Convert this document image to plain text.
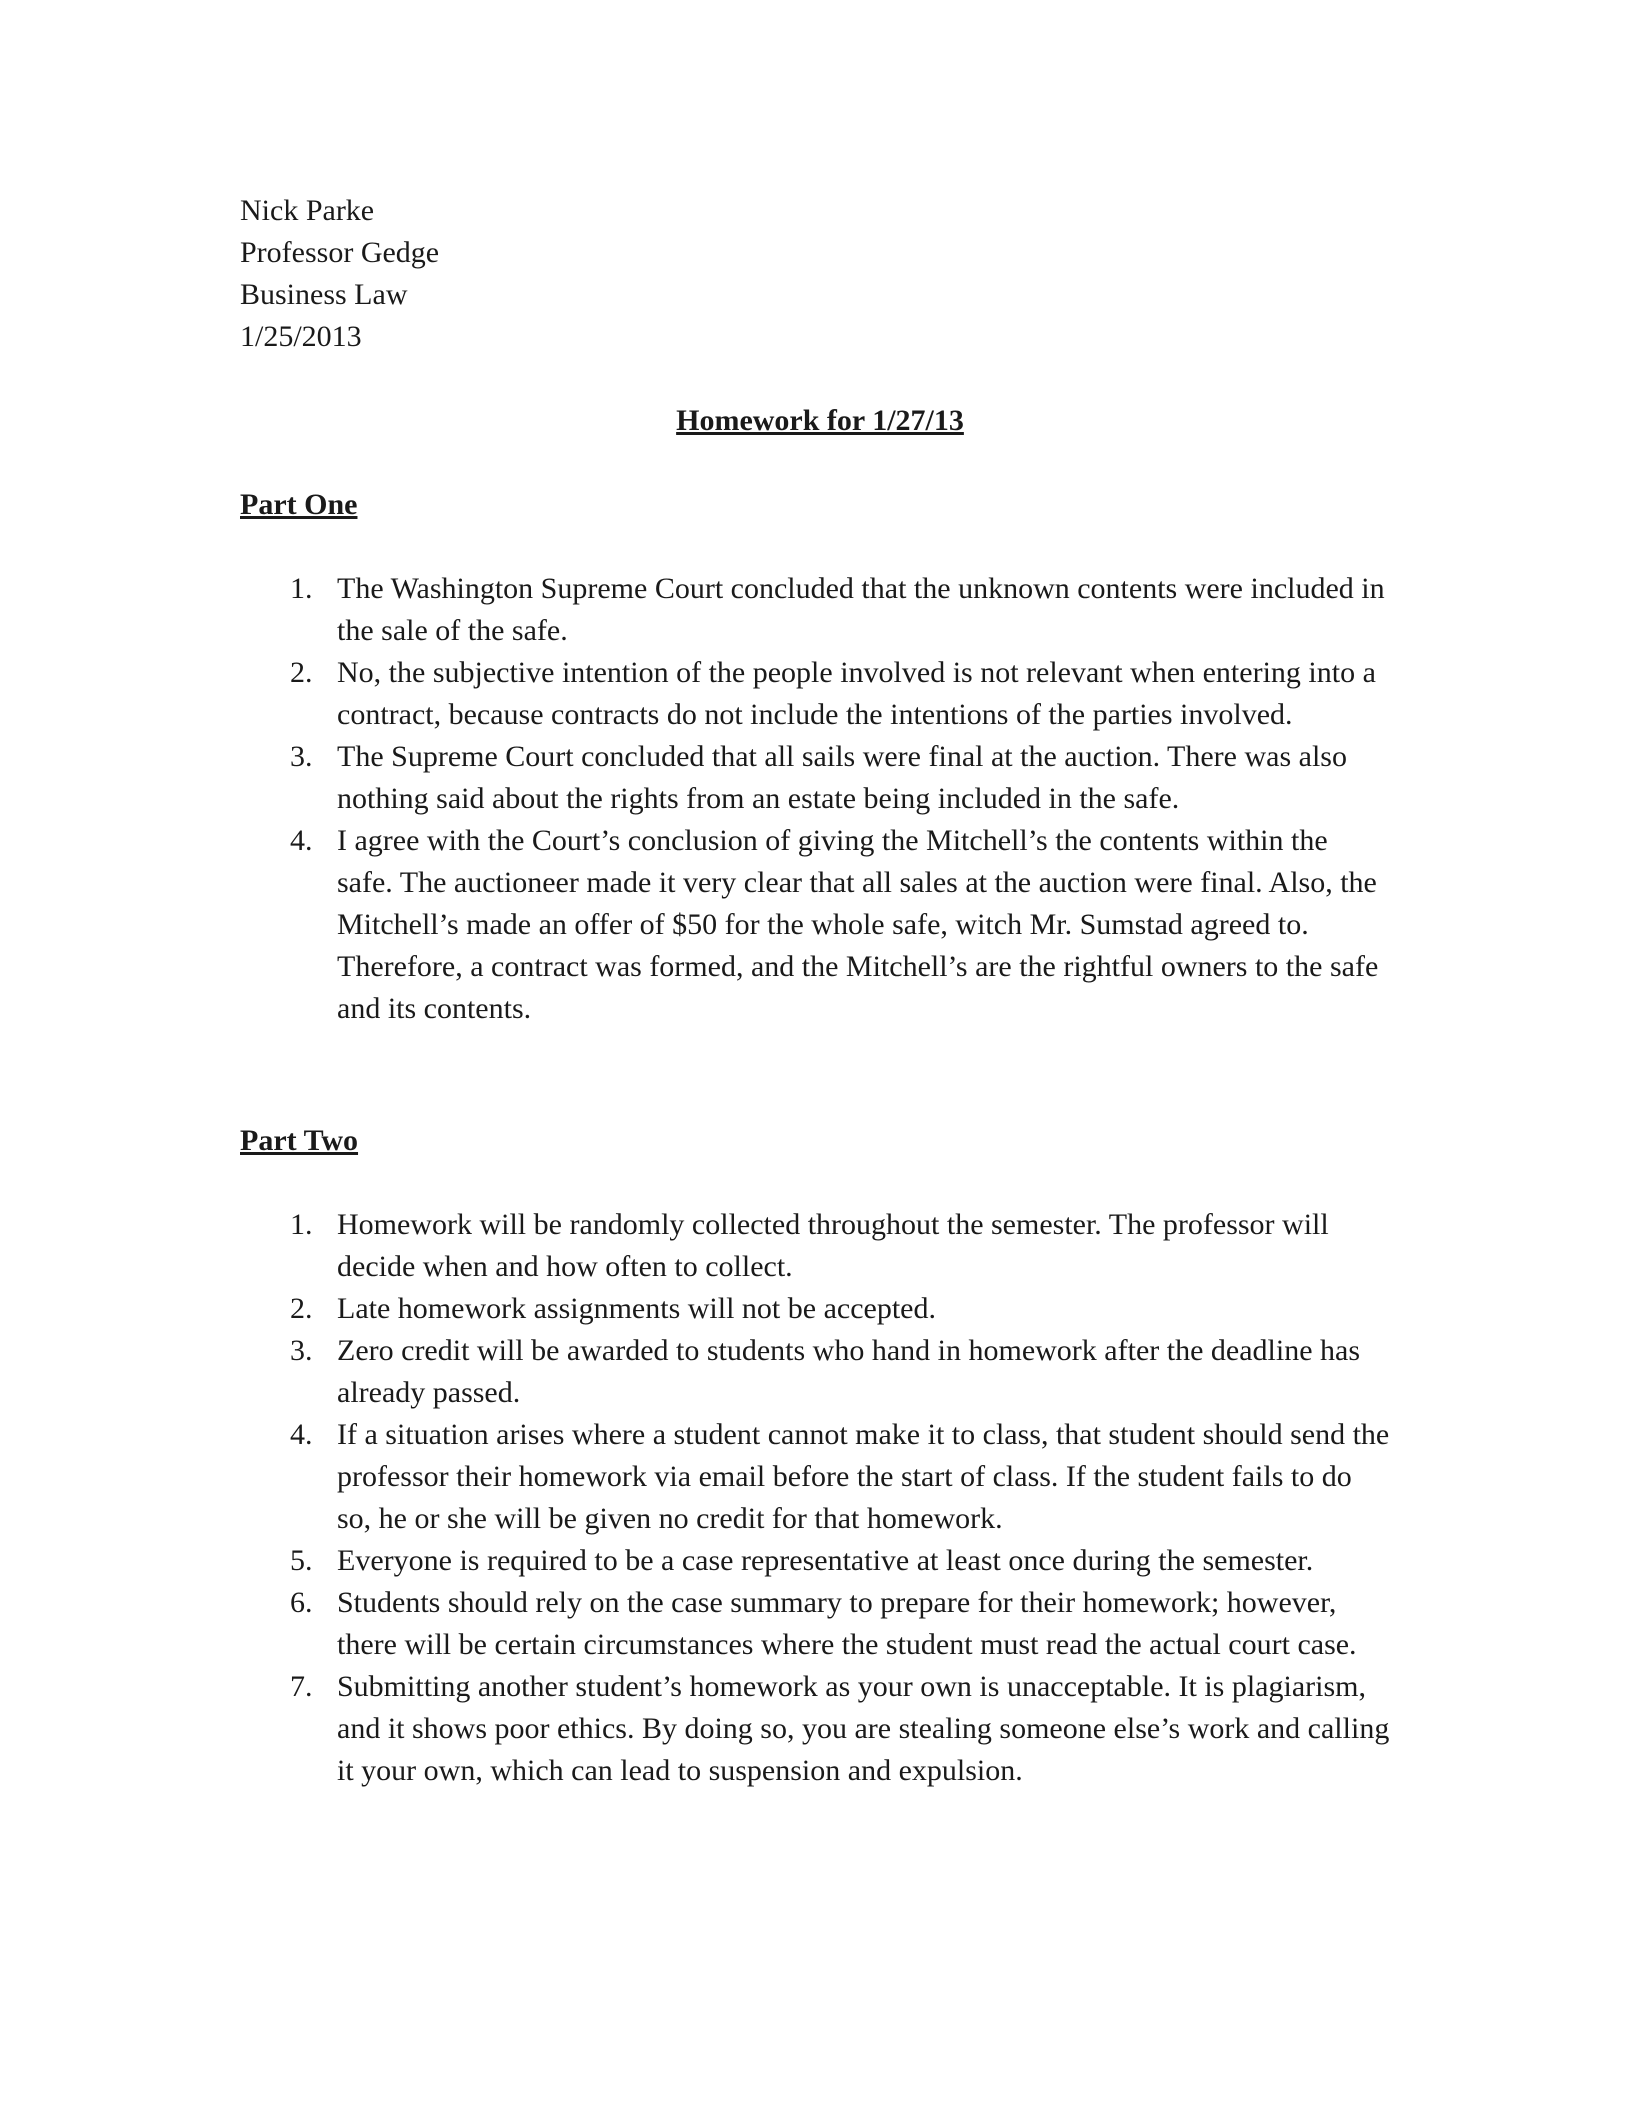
Nick Parke
Professor Gedge
Business Law
1/25/2013
Homework for 1/27/13
Part One
1. The Washington Supreme Court concluded that the unknown contents were included in the sale of the safe.
2. No, the subjective intention of the people involved is not relevant when entering into a contract, because contracts do not include the intentions of the parties involved.
3. The Supreme Court concluded that all sails were final at the auction. There was also nothing said about the rights from an estate being included in the safe.
4. I agree with the Court’s conclusion of giving the Mitchell’s the contents within the safe. The auctioneer made it very clear that all sales at the auction were final. Also, the Mitchell’s made an offer of $50 for the whole safe, witch Mr. Sumstad agreed to. Therefore, a contract was formed, and the Mitchell’s are the rightful owners to the safe and its contents.
Part Two
1. Homework will be randomly collected throughout the semester. The professor will decide when and how often to collect.
2. Late homework assignments will not be accepted.
3. Zero credit will be awarded to students who hand in homework after the deadline has already passed.
4. If a situation arises where a student cannot make it to class, that student should send the professor their homework via email before the start of class. If the student fails to do so, he or she will be given no credit for that homework.
5. Everyone is required to be a case representative at least once during the semester.
6. Students should rely on the case summary to prepare for their homework; however, there will be certain circumstances where the student must read the actual court case.
7. Submitting another student’s homework as your own is unacceptable. It is plagiarism, and it shows poor ethics. By doing so, you are stealing someone else’s work and calling it your own, which can lead to suspension and expulsion.
